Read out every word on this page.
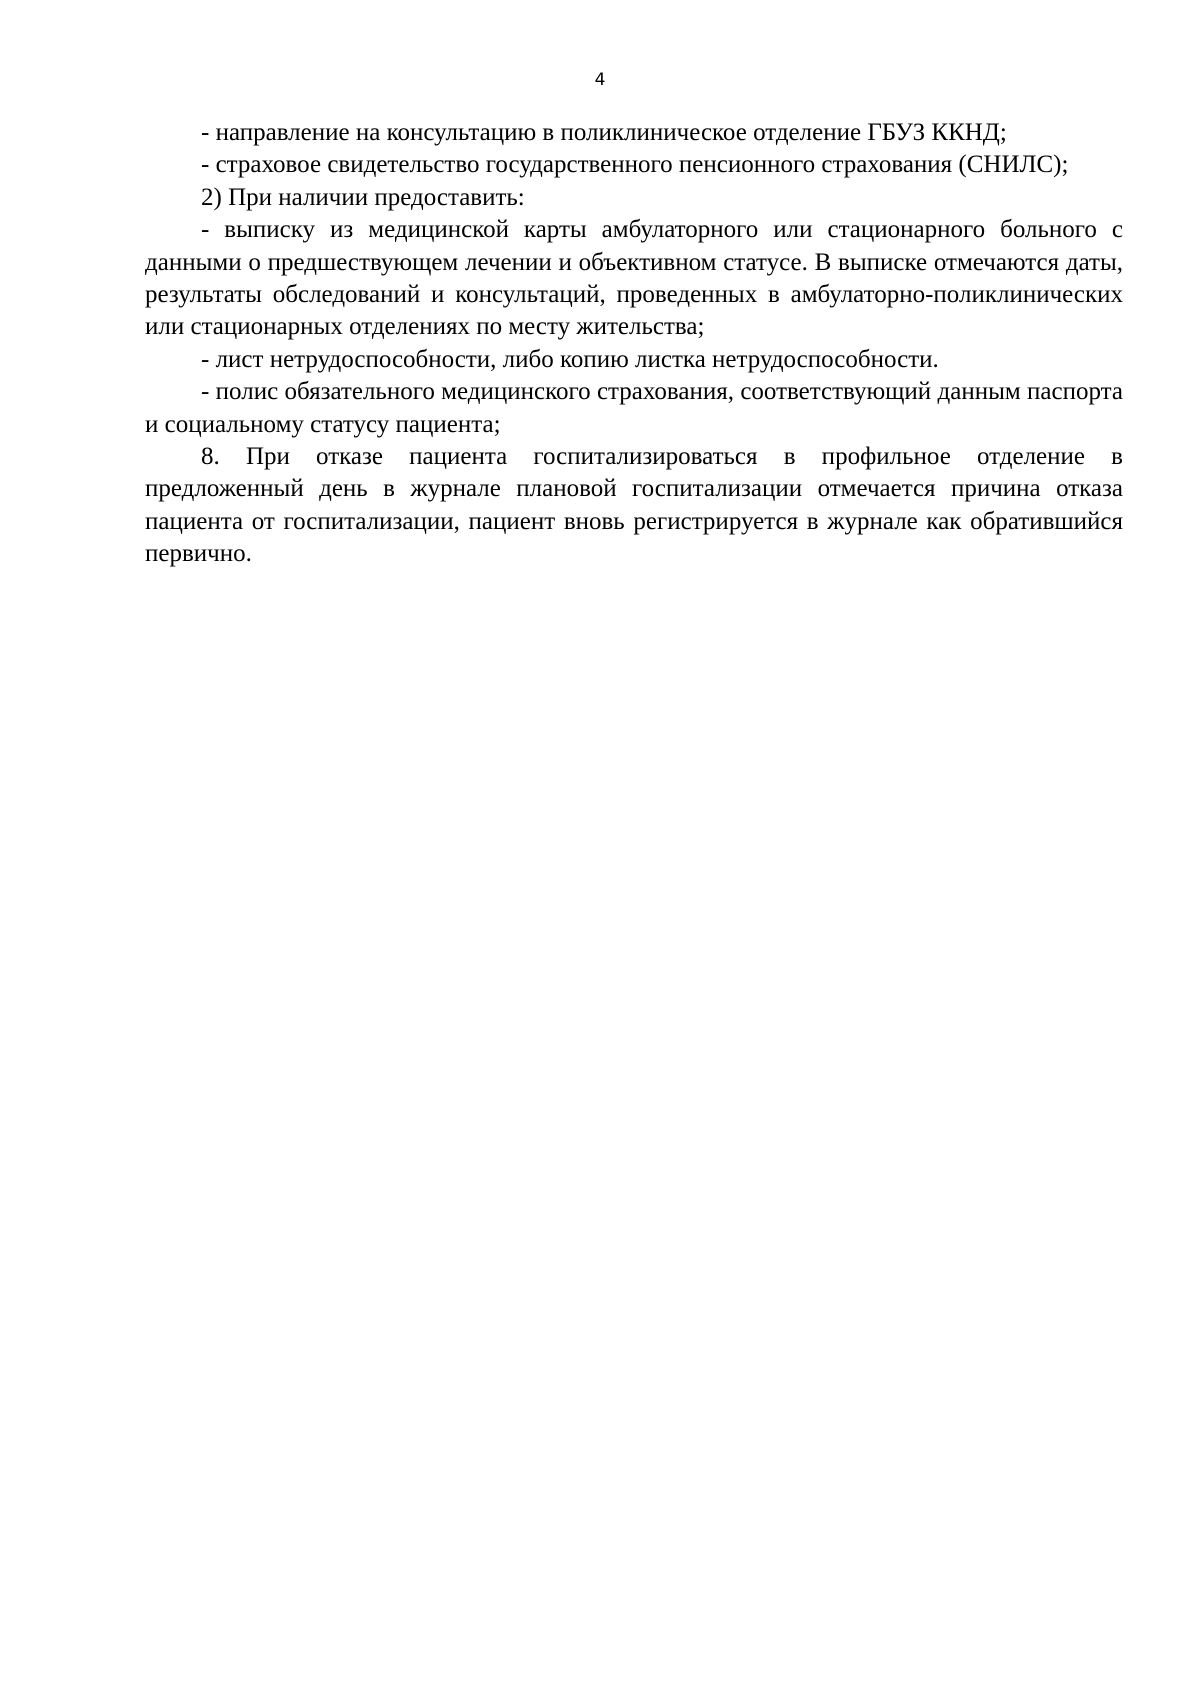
4

- направление на консультацию в поликлиническое отделение ГБУЗ ККНД;

- страховое свидетельство государственного пенсионного страхования (СНИЛС);

2) При наличии предоставить:

- выписку из медицинской карты амбулаторного или стационарного больного с данными о предшествующем лечении и объективном статусе. В выписке отмечаются даты, результаты обследований и консультаций, проведенных в амбулаторно-поликлинических или стационарных отделениях по месту жительства;

- лист нетрудоспособности, либо копию листка нетрудоспособности.

- полис обязательного медицинского страхования, соответствующий данным паспорта и социальному статусу пациента;

8. При отказе пациента госпитализироваться в профильное отделение в предложенный день в журнале плановой госпитализации отмечается причина отказа пациента от госпитализации, пациент вновь регистрируется в журнале как обратившийся первично.
